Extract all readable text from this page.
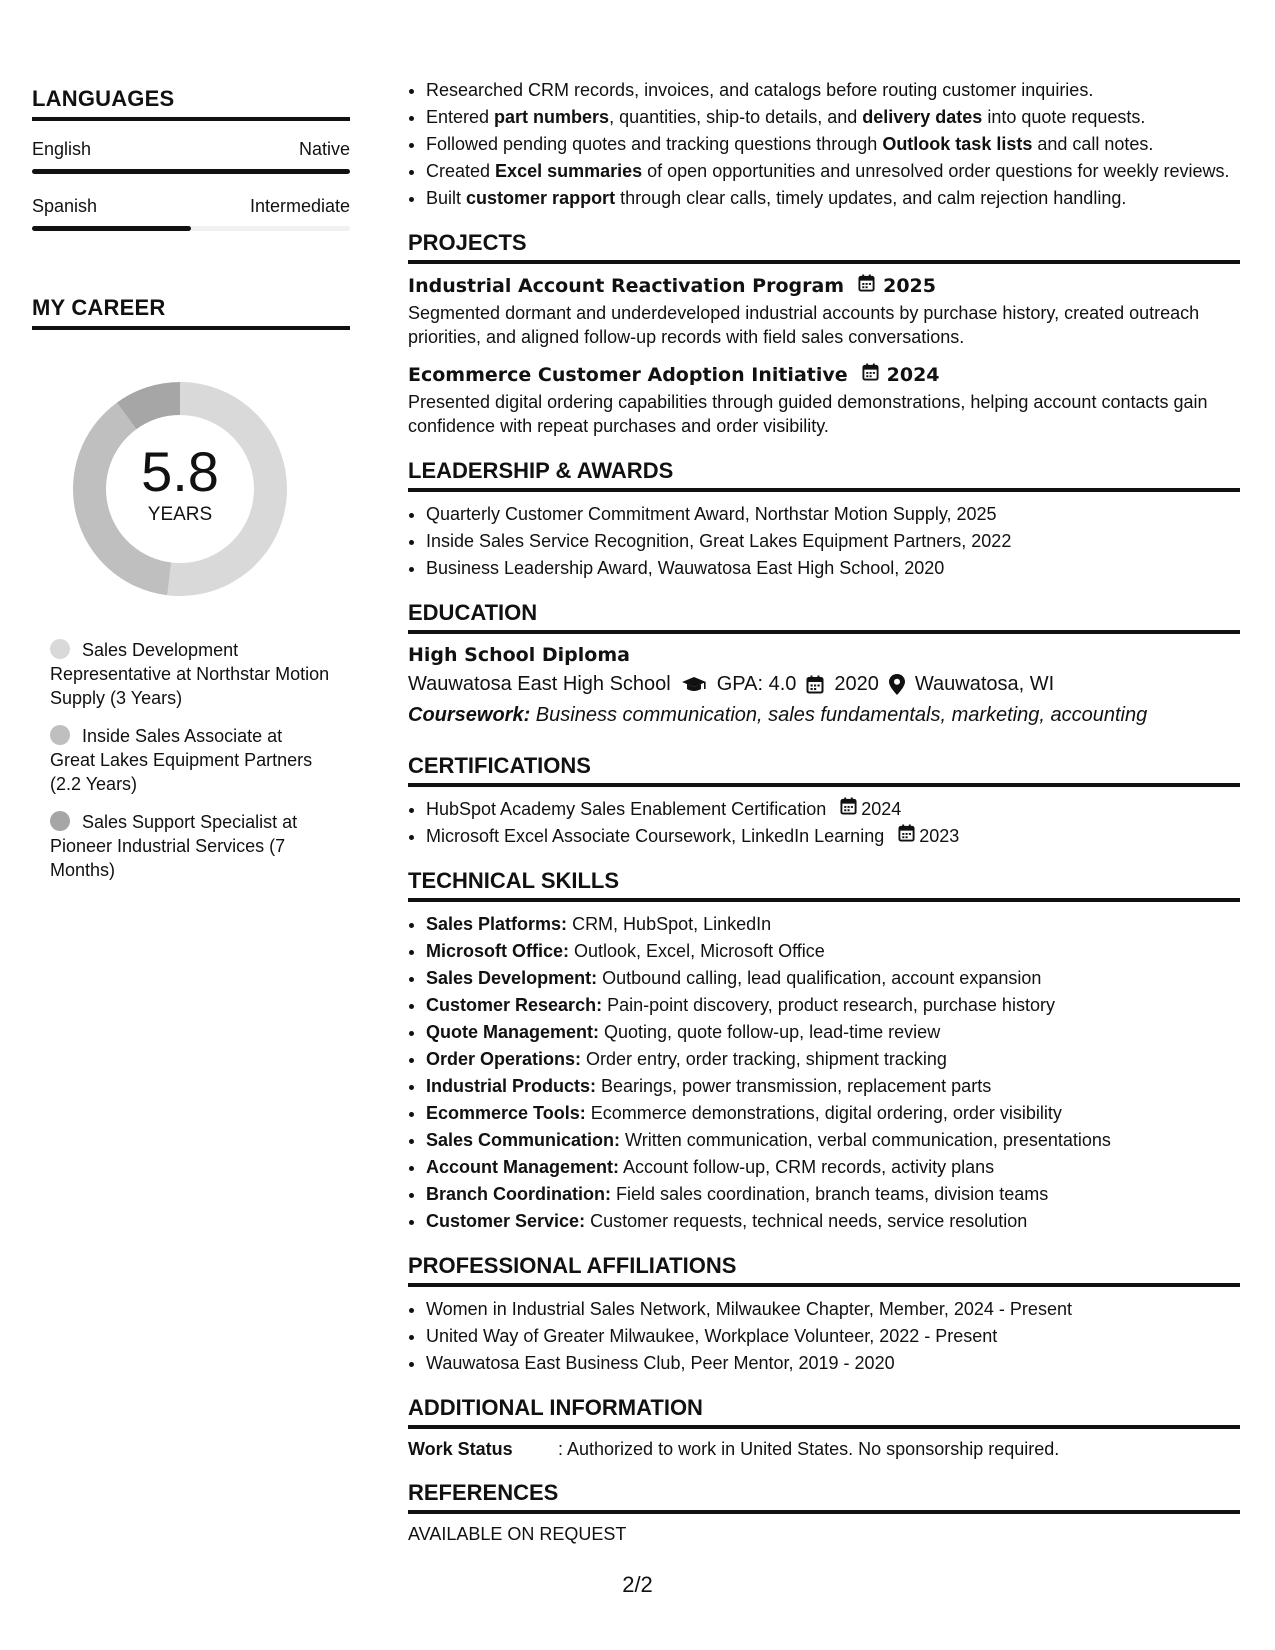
LANGUAGES
English	Native
Spanish	Intermediate
MY CAREER
5.8
YEARS
Sales Development Representative at Northstar Motion Supply (3 Years)
Inside Sales Associate at Great Lakes Equipment Partners (2.2 Years)
Sales Support Specialist at Pioneer Industrial Services (7 Months)
• Researched CRM records, invoices, and catalogs before routing customer inquiries.
• Entered part numbers, quantities, ship-to details, and delivery dates into quote requests.
• Followed pending quotes and tracking questions through Outlook task lists and call notes.
• Created Excel summaries of open opportunities and unresolved order questions for weekly reviews.
• Built customer rapport through clear calls, timely updates, and calm rejection handling.
PROJECTS
Industrial Account Reactivation Program 2025
Segmented dormant and underdeveloped industrial accounts by purchase history, created outreach priorities, and aligned follow-up records with field sales conversations.
Ecommerce Customer Adoption Initiative 2024
Presented digital ordering capabilities through guided demonstrations, helping account contacts gain confidence with repeat purchases and order visibility.
LEADERSHIP & AWARDS
• Quarterly Customer Commitment Award, Northstar Motion Supply, 2025
• Inside Sales Service Recognition, Great Lakes Equipment Partners, 2022
• Business Leadership Award, Wauwatosa East High School, 2020
EDUCATION
High School Diploma
Wauwatosa East High School GPA: 4.0 2020 Wauwatosa, WI
Coursework: Business communication, sales fundamentals, marketing, accounting
CERTIFICATIONS
• HubSpot Academy Sales Enablement Certification 2024
• Microsoft Excel Associate Coursework, LinkedIn Learning 2023
TECHNICAL SKILLS
• Sales Platforms: CRM, HubSpot, LinkedIn
• Microsoft Office: Outlook, Excel, Microsoft Office
• Sales Development: Outbound calling, lead qualification, account expansion
• Customer Research: Pain-point discovery, product research, purchase history
• Quote Management: Quoting, quote follow-up, lead-time review
• Order Operations: Order entry, order tracking, shipment tracking
• Industrial Products: Bearings, power transmission, replacement parts
• Ecommerce Tools: Ecommerce demonstrations, digital ordering, order visibility
• Sales Communication: Written communication, verbal communication, presentations
• Account Management: Account follow-up, CRM records, activity plans
• Branch Coordination: Field sales coordination, branch teams, division teams
• Customer Service: Customer requests, technical needs, service resolution
PROFESSIONAL AFFILIATIONS
• Women in Industrial Sales Network, Milwaukee Chapter, Member, 2024 - Present
• United Way of Greater Milwaukee, Workplace Volunteer, 2022 - Present
• Wauwatosa East Business Club, Peer Mentor, 2019 - 2020
ADDITIONAL INFORMATION
Work Status	: Authorized to work in United States. No sponsorship required.
REFERENCES
AVAILABLE ON REQUEST
2/2
